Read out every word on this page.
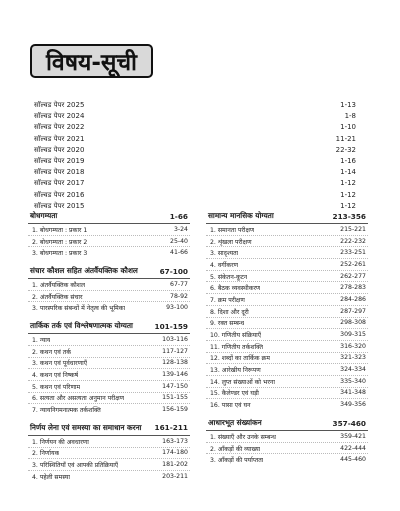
विषय-सूची
सॉल्वड पेपर 2025	1-13
सॉल्वड पेपर 2024	1-8
सॉल्वड पेपर 2022	1-10
सॉल्वड पेपर 2021	11-21
सॉल्वड पेपर 2020	22-32
सॉल्वड पेपर 2019	1-16
सॉल्वड पेपर 2018	1-14
सॉल्वड पेपर 2017	1-12
सॉल्वड पेपर 2016	1-12
सॉल्वड पेपर 2015	1-12
बोधगम्यता	1-66
1. बोधगम्यता : प्रकार 1	3-24
2. बोधगम्यता : प्रकार 2	25-40
3. बोधगम्यता : प्रकार 3	41-66
संचार कौशल सहित अंतर्वैयक्तिक कौशल	67-100
1. अंतर्वैयक्तिक कौशल	67-77
2. अंतर्वैयक्तिक संचार	78-92
3. पारस्परिक संबन्धों में नेतृत्व की भूमिका	93-100
तार्किक तर्क एवं विश्लेषणात्मक योग्यता	101-159
1. न्याय	103-116
2. कथन एवं तर्क	117-127
3. कथन एवं पूर्वधारणाएँ	128-138
4. कथन एवं निष्कर्ष	139-146
5. कथन एवं परिणाम	147-150
6. सत्यता और असत्यता अनुमान परीक्षण	151-155
7. न्यायनिगमनात्मक तर्कशक्ति	156-159
निर्णय लेना एवं समस्या का समाधान करना 161-211
1. निर्णयन की अवधारणा	163-173
2. निर्णायक	174-180
3. परिस्थितियाँ एवं आपकी प्रतिक्रियाएँ	181-202
4. पहेली समस्या	203-211
सामान्य मानसिक योग्यता	213-356
1. समानता परीक्षण	215-221
2. शृंखला परीक्षण	222-232
3. सादृश्यता	233-251
4. वर्गीकरण	252-261
5. संकेतन-कूटन	262-277
6. बैठक व्यवस्थीकरण	278-283
7. क्रम परीक्षण	284-286
8. दिशा और दूरी	287-297
9. रक्त सम्बन्ध	298-308
10. गणितीय संक्रियाएँ	309-315
11. गणितीय तर्कशक्ति	316-320
12. शब्दों का तार्किक क्रम	321-323
13. आरेखीय निरूपण	324-334
14. लुप्त संख्याओं को भरना	335-340
15. कैलेण्डर एवं घड़ी	341-348
16. पासा एवं घन	349-356
आधारभूत संख्यांकन	357-460
1. संख्याएँ और उनके सम्बन्ध	359-421
2. आँकड़ों की व्याख्या	422-444
3. आँकड़ों की पर्याप्तता	445-460
